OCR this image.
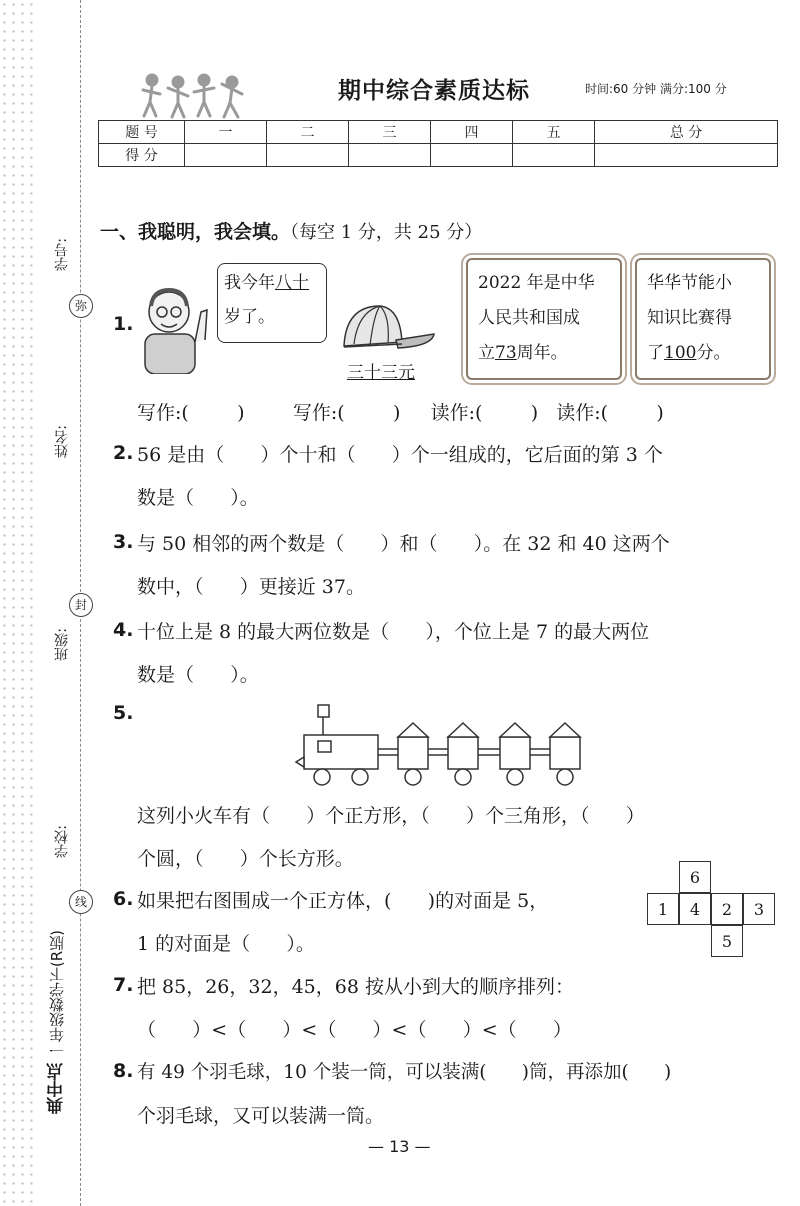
学号:
姓名:
班级:
学校:
弥
封
线
一年级数学下(R版)
典中点
期中综合素质达标	时间:60 分钟 满分:100 分
题 号	一	二	三	四	五	总 分
得 分						
一、我聪明，我会填。（每空 1 分，共 25 分）
1.
我今年八十
岁了。
三十三元
2022 年是中华
人民共和国成
立73周年。
华华节能小
知识比赛得
了100分。
写作:(        )        写作:(        )     读作:(        )   读作:(        )
2. 56 是由（      ）个十和（      ）个一组成的，它后面的第 3 个
数是（      ）。
3. 与 50 相邻的两个数是（      ）和（      ）。在 32 和 40 这两个
数中，（      ）更接近 37。
4. 十位上是 8 的最大两位数是（      ），个位上是 7 的最大两位
数是（      ）。
5.
这列小火车有（      ）个正方形，（      ）个三角形，（      ）
个圆，（      ）个长方形。
6. 如果把右图围成一个正方体，(      )的对面是 5，
1 的对面是（      ）。
6
1	4	2	3
5
7. 把 85，26，32，45，68 按从小到大的顺序排列：
（      ）<（      ）<（      ）<（      ）<（      ）
8. 有 49 个羽毛球，10 个装一筒，可以装满(      )筒，再添加(      )
个羽毛球，又可以装满一筒。
— 13 —
